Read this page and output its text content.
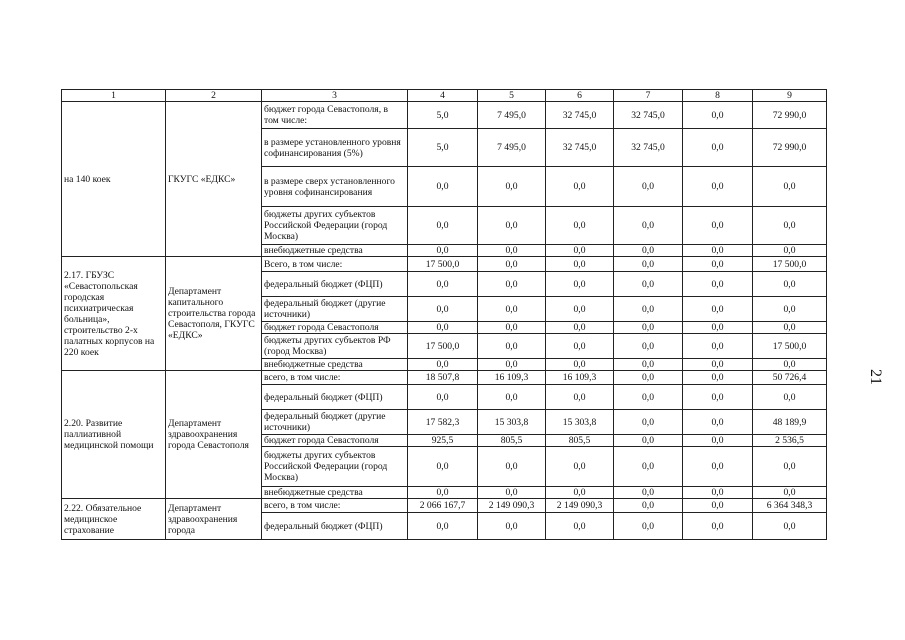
1	2	3	4	5	6	7	8	9
на 140 коек	ГКУГС «ЕДКС»	бюджет города Севастополя, в том числе:	5,0	7 495,0	32 745,0	32 745,0	0,0	72 990,0
		в размере установленного уровня софинансирования (5%)	5,0	7 495,0	32 745,0	32 745,0	0,0	72 990,0
		в размере сверх установленного уровня софинансирования	0,0	0,0	0,0	0,0	0,0	0,0
		бюджеты других субъектов Российской Федерации (город Москва)	0,0	0,0	0,0	0,0	0,0	0,0
		внебюджетные средства	0,0	0,0	0,0	0,0	0,0	0,0
2.17. ГБУЗС «Севастопольская городская психиатрическая больница», строительство 2-х палатных корпусов на 220 коек	Департамент капитального строительства города Севастополя, ГКУГС «ЕДКС»	Всего, в том числе:	17 500,0	0,0	0,0	0,0	0,0	17 500,0
		федеральный бюджет (ФЦП)	0,0	0,0	0,0	0,0	0,0	0,0
		федеральный бюджет (другие источники)	0,0	0,0	0,0	0,0	0,0	0,0
		бюджет города Севастополя	0,0	0,0	0,0	0,0	0,0	0,0
		бюджеты других субъектов РФ (город Москва)	17 500,0	0,0	0,0	0,0	0,0	17 500,0
		внебюджетные средства	0,0	0,0	0,0	0,0	0,0	0,0
2.20. Развитие паллиативной медицинской помощи	Департамент здравоохранения города Севастополя	всего, в том числе:	18 507,8	16 109,3	16 109,3	0,0	0,0	50 726,4
		федеральный бюджет (ФЦП)	0,0	0,0	0,0	0,0	0,0	0,0
		федеральный бюджет (другие источники)	17 582,3	15 303,8	15 303,8	0,0	0,0	48 189,9
		бюджет города Севастополя	925,5	805,5	805,5	0,0	0,0	2 536,5
		бюджеты других субъектов Российской Федерации (город Москва)	0,0	0,0	0,0	0,0	0,0	0,0
		внебюджетные средства	0,0	0,0	0,0	0,0	0,0	0,0
2.22. Обязательное медицинское страхование	Департамент здравоохранения города	всего, в том числе:	2 066 167,7	2 149 090,3	2 149 090,3	0,0	0,0	6 364 348,3
		федеральный бюджет (ФЦП)	0,0	0,0	0,0	0,0	0,0	0,0
21
